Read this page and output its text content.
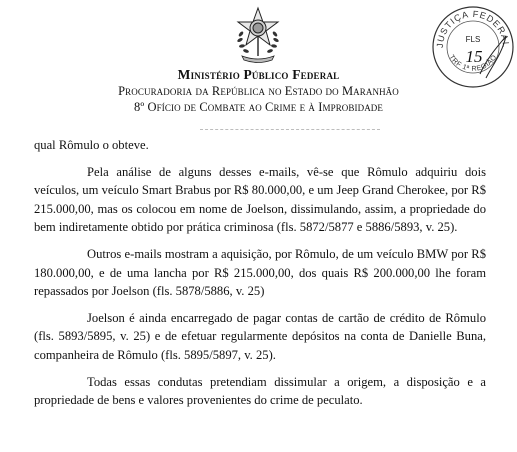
Ministério Público Federal
Procuradoria da República no Estado do Maranhão
8º Ofício de Combate ao Crime e à Improbidade
JUSTIÇA FEDERAL
TRF 1ª REGIÃO
FLS
15

qual Rômulo o obteve.

Pela análise de alguns desses e-mails, vê-se que Rômulo adquiriu dois veículos, um veículo Smart Brabus por R$ 80.000,00, e um Jeep Grand Cherokee, por R$ 215.000,00, mas os colocou em nome de Joelson, dissimulando, assim, a propriedade do bem indiretamente obtido por prática criminosa (fls. 5872/5877 e 5886/5893, v. 25).

Outros e-mails mostram a aquisição, por Rômulo, de um veículo BMW por R$ 180.000,00, e de uma lancha por R$ 215.000,00, dos quais R$ 200.000,00 lhe foram repassados por Joelson (fls. 5878/5886, v. 25)

Joelson é ainda encarregado de pagar contas de cartão de crédito de Rômulo (fls. 5893/5895, v. 25) e de efetuar regularmente depósitos na conta de Danielle Buna, companheira de Rômulo (fls. 5895/5897, v. 25).

Todas essas condutas pretendiam dissimular a origem, a disposição e a propriedade de bens e valores provenientes do crime de peculato.
